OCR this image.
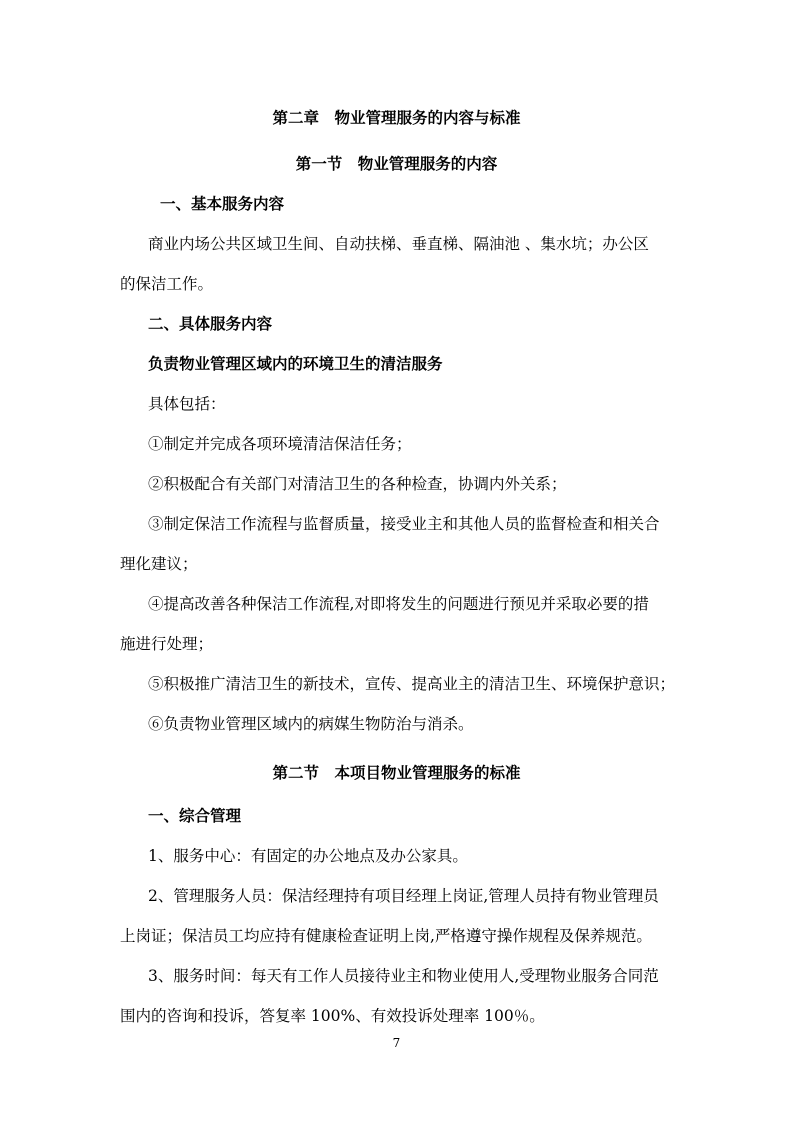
第二章　物业管理服务的内容与标准
第一节　物业管理服务的内容
一、基本服务内容
商业内场公共区域卫生间、自动扶梯、垂直梯、隔油池 、集水坑；办公区
的保洁工作。
二、具体服务内容
负责物业管理区域内的环境卫生的清洁服务
具体包括：
①制定并完成各项环境清洁保洁任务；
②积极配合有关部门对清洁卫生的各种检查，协调内外关系；
③制定保洁工作流程与监督质量，接受业主和其他人员的监督检查和相关合
理化建议；
④提高改善各种保洁工作流程,对即将发生的问题进行预见并采取必要的措
施进行处理；
⑤积极推广清洁卫生的新技术，宣传、提高业主的清洁卫生、环境保护意识；
⑥负责物业管理区域内的病媒生物防治与消杀。
第二节　本项目物业管理服务的标准
一、综合管理
1、服务中心：有固定的办公地点及办公家具。
2、管理服务人员：保洁经理持有项目经理上岗证,管理人员持有物业管理员
上岗证；保洁员工均应持有健康检查证明上岗,严格遵守操作规程及保养规范。
3、服务时间：每天有工作人员接待业主和物业使用人,受理物业服务合同范
围内的咨询和投诉，答复率 100%、有效投诉处理率 100％。
7
